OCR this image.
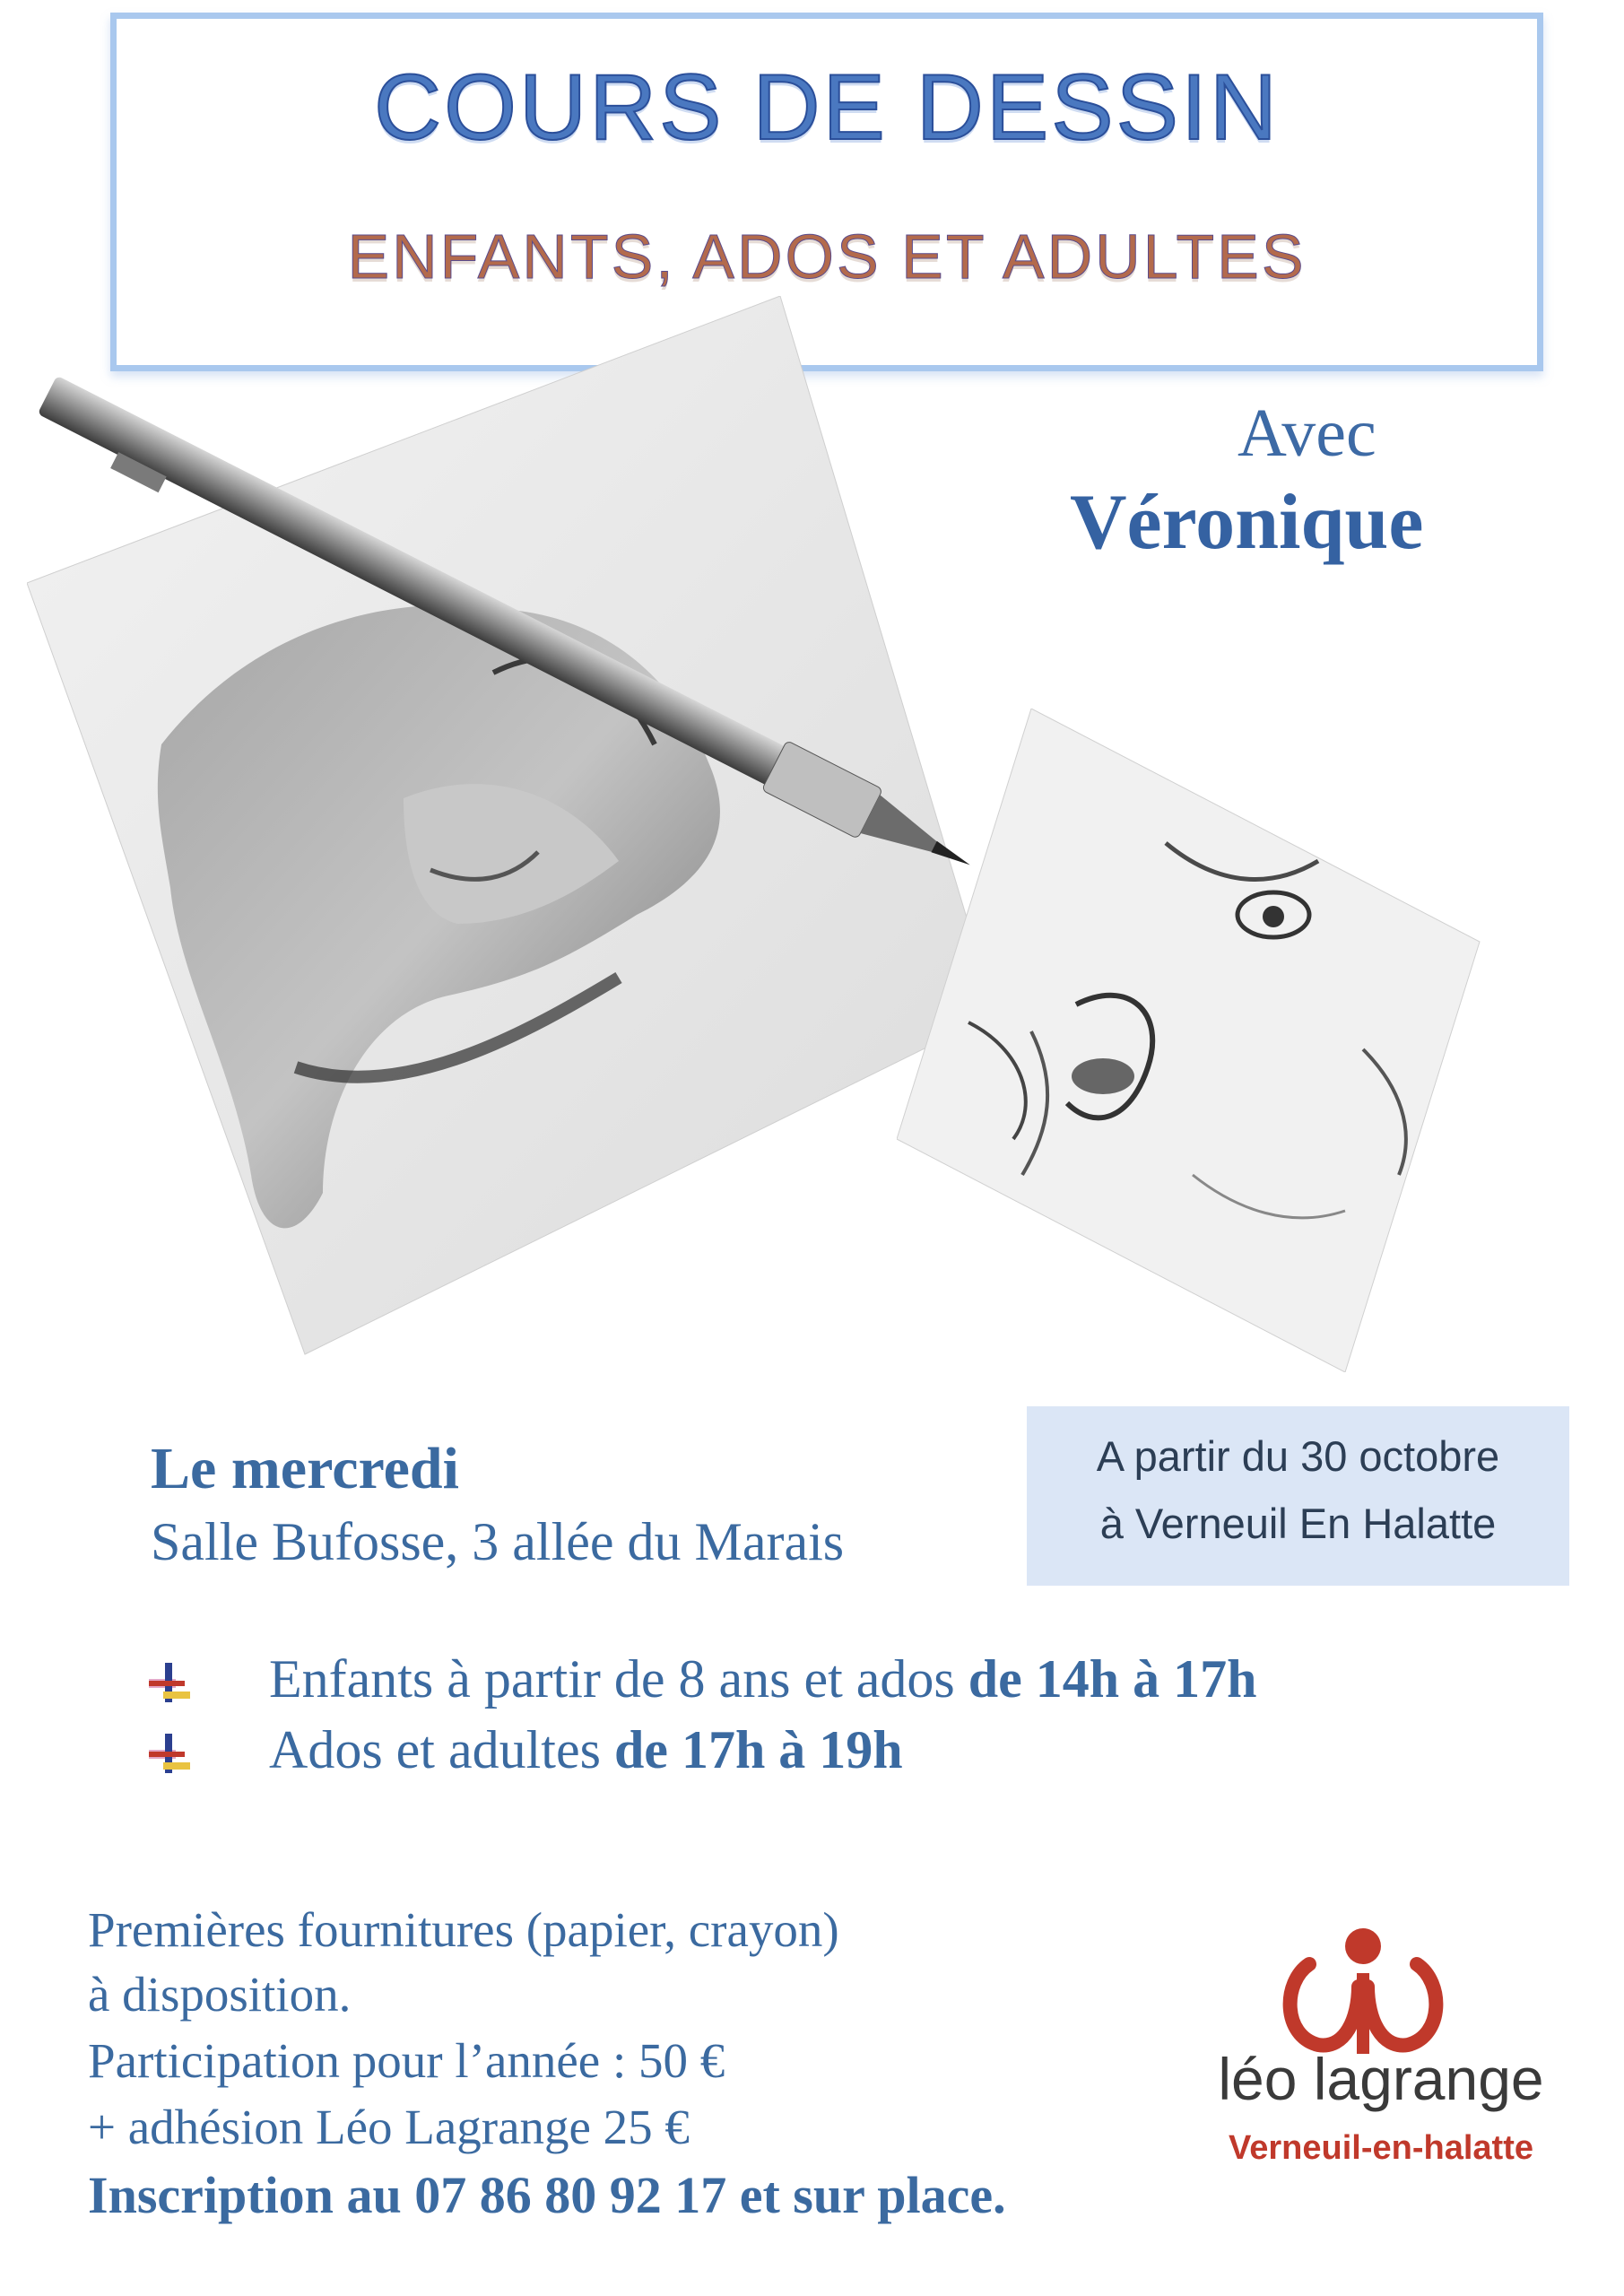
COURS DE DESSIN
ENFANTS, ADOS ET ADULTES
Avec
Véronique
Le mercredi
Salle Bufosse, 3 allée du Marais
A partir du 30 octobre
à Verneuil En Halatte
Enfants à partir de 8 ans et ados de 14h à 17h
Ados et adultes de 17h à 19h
Premières fournitures (papier, crayon)
à disposition.
Participation pour l’année : 50 €
+ adhésion Léo Lagrange 25 €
Inscription au 07 86 80 92 17 et sur place.
léo lagrange
Verneuil-en-halatte
